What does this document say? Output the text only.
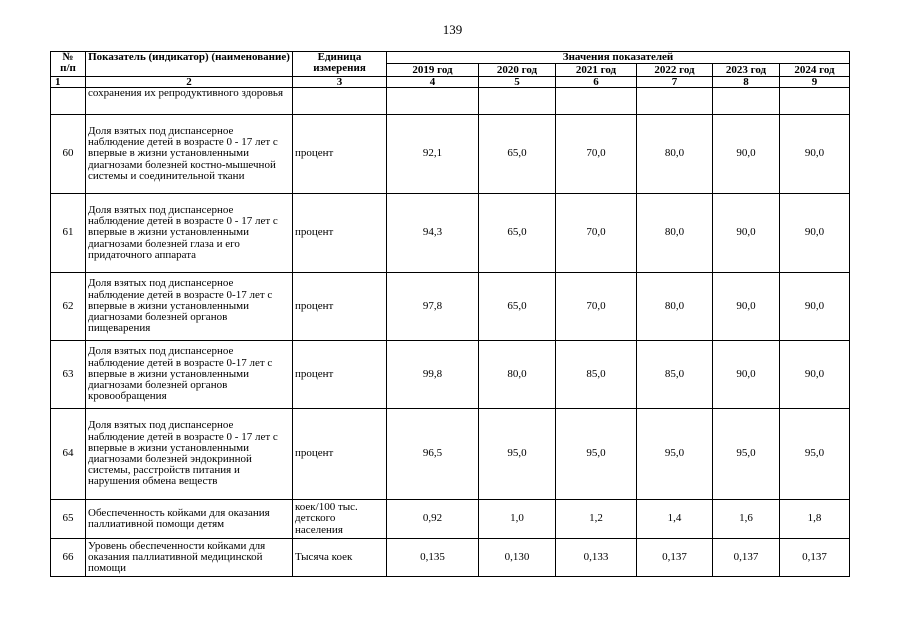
139
№
п/п	Показатель (индикатор) (наименование)	Единица измерения	Значения показателей					
			2019 год	2020 год	2021 год	2022 год	2023 год	2024 год
1	2	3	4	5	6	7	8	9
	сохранения их репродуктивного здоровья							
60	Доля взятых под диспансерное наблюдение детей в возрасте 0 - 17 лет с впервые в жизни установленными диагнозами болезней костно-мышечной системы и соединительной ткани	процент	92,1	65,0	70,0	80,0	90,0	90,0
61	Доля взятых под диспансерное наблюдение детей в возрасте 0 - 17 лет с впервые в жизни установленными диагнозами болезней глаза и его придаточного аппарата	процент	94,3	65,0	70,0	80,0	90,0	90,0
62	Доля взятых под диспансерное наблюдение детей в возрасте 0-17 лет с впервые в жизни установленными диагнозами болезней органов пищеварения	процент	97,8	65,0	70,0	80,0	90,0	90,0
63	Доля взятых под диспансерное наблюдение детей в возрасте 0-17 лет с впервые в жизни установленными диагнозами болезней органов кровообращения	процент	99,8	80,0	85,0	85,0	90,0	90,0
64	Доля взятых под диспансерное наблюдение детей в возрасте 0 - 17 лет с впервые в жизни установленными диагнозами болезней эндокринной системы, расстройств питания и нарушения обмена веществ	процент	96,5	95,0	95,0	95,0	95,0	95,0
65	Обеспеченность койками для оказания паллиативной помощи детям	коек/100 тыс. детского населения	0,92	1,0	1,2	1,4	1,6	1,8
66	Уровень обеспеченности койками для оказания паллиативной медицинской помощи	Тысяча коек	0,135	0,130	0,133	0,137	0,137	0,137
